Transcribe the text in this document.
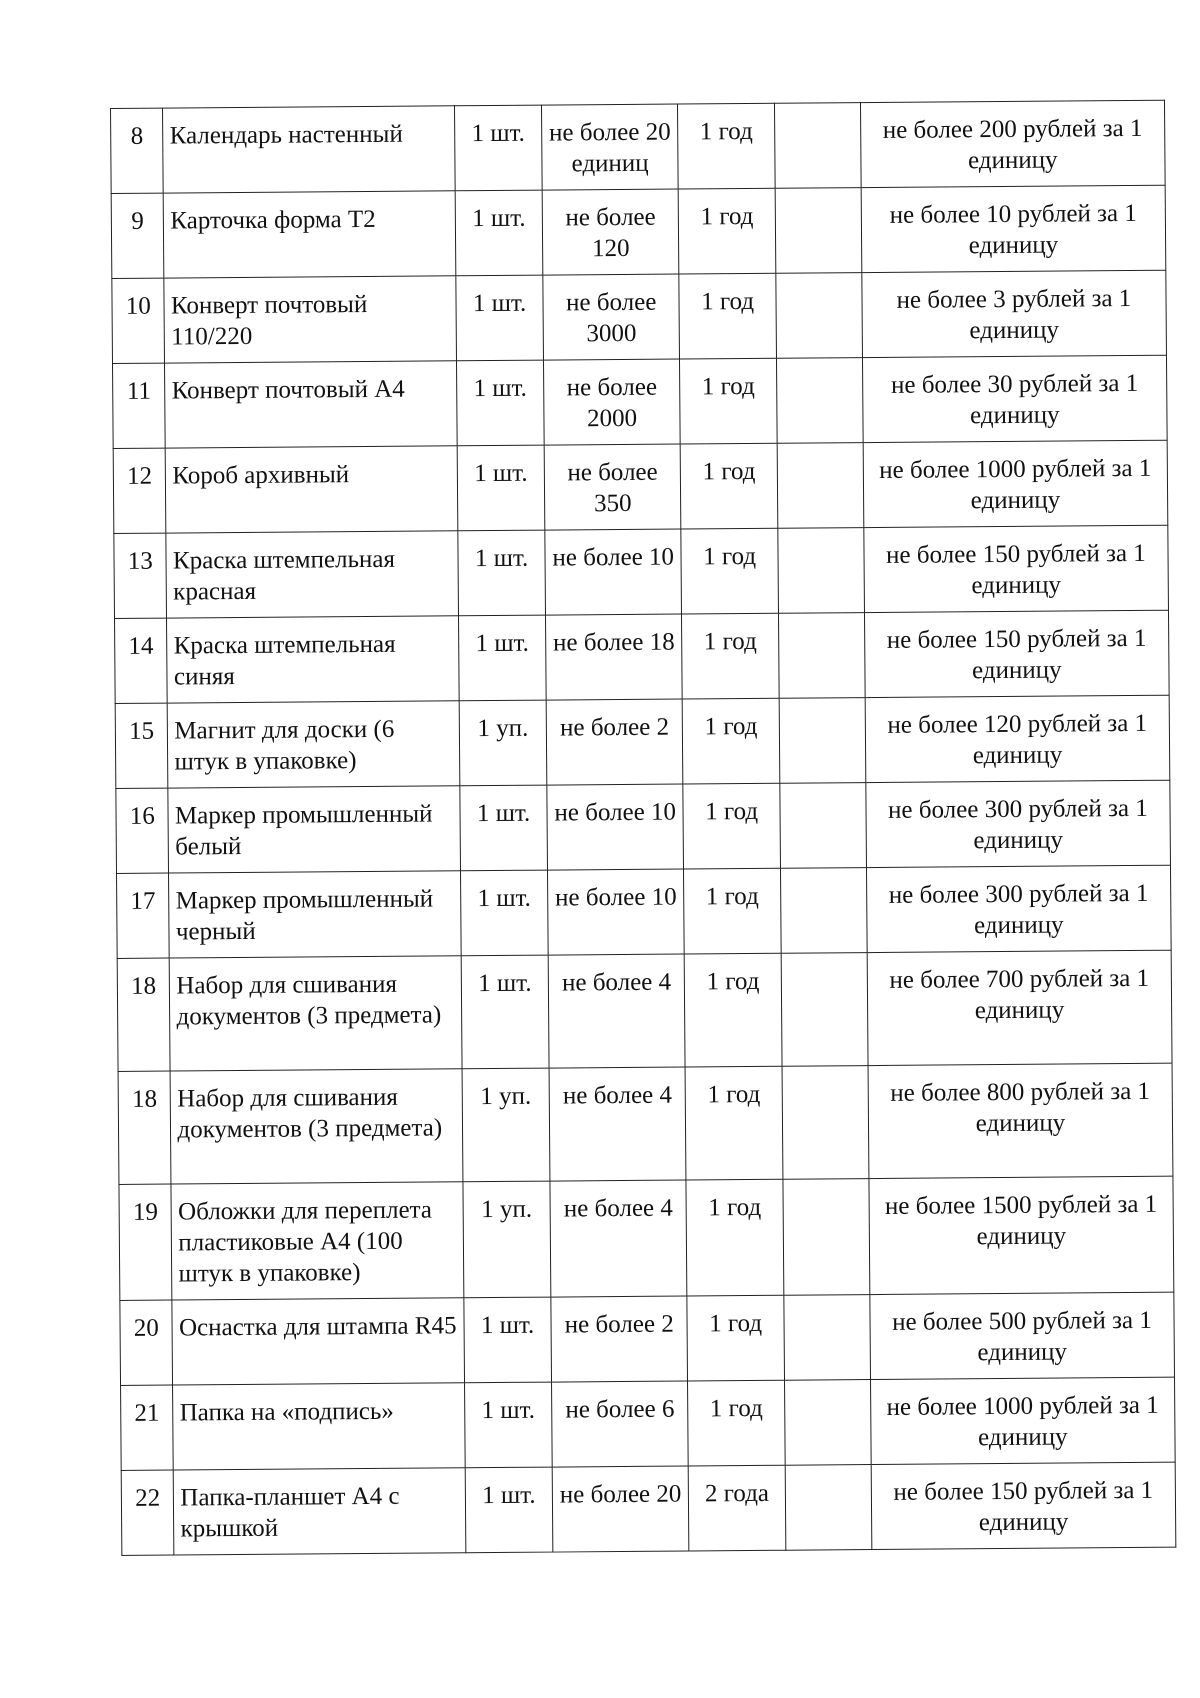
8	Календарь настенный	1 шт.	не более 20 единиц	1 год		не более 200 рублей за 1 единицу
9	Карточка форма Т2	1 шт.	не более 120	1 год		не более 10 рублей за 1 единицу
10	Конверт почтовый 110/220	1 шт.	не более 3000	1 год		не более 3 рублей за 1 единицу
11	Конверт почтовый А4	1 шт.	не более 2000	1 год		не более 30 рублей за 1 единицу
12	Короб архивный	1 шт.	не более 350	1 год		не более 1000 рублей за 1 единицу
13	Краска штемпельная красная	1 шт.	не более 10	1 год		не более 150 рублей за 1 единицу
14	Краска штемпельная синяя	1 шт.	не более 18	1 год		не более 150 рублей за 1 единицу
15	Магнит для доски (6 штук в упаковке)	1 уп.	не более 2	1 год		не более 120 рублей за 1 единицу
16	Маркер промышленный белый	1 шт.	не более 10	1 год		не более 300 рублей за 1 единицу
17	Маркер промышленный черный	1 шт.	не более 10	1 год		не более 300 рублей за 1 единицу
18	Набор для сшивания документов (3 предмета)	1 шт.	не более 4	1 год		не более 700 рублей за 1 единицу
18	Набор для сшивания документов (3 предмета)	1 уп.	не более 4	1 год		не более 800 рублей за 1 единицу
19	Обложки для переплета пластиковые А4 (100 штук в упаковке)	1 уп.	не более 4	1 год		не более 1500 рублей за 1 единицу
20	Оснастка для штампа R45	1 шт.	не более 2	1 год		не более 500 рублей за 1 единицу
21	Папка на «подпись»	1 шт.	не более 6	1 год		не более 1000 рублей за 1 единицу
22	Папка-планшет А4 с крышкой	1 шт.	не более 20	2 года		не более 150 рублей за 1 единицу
